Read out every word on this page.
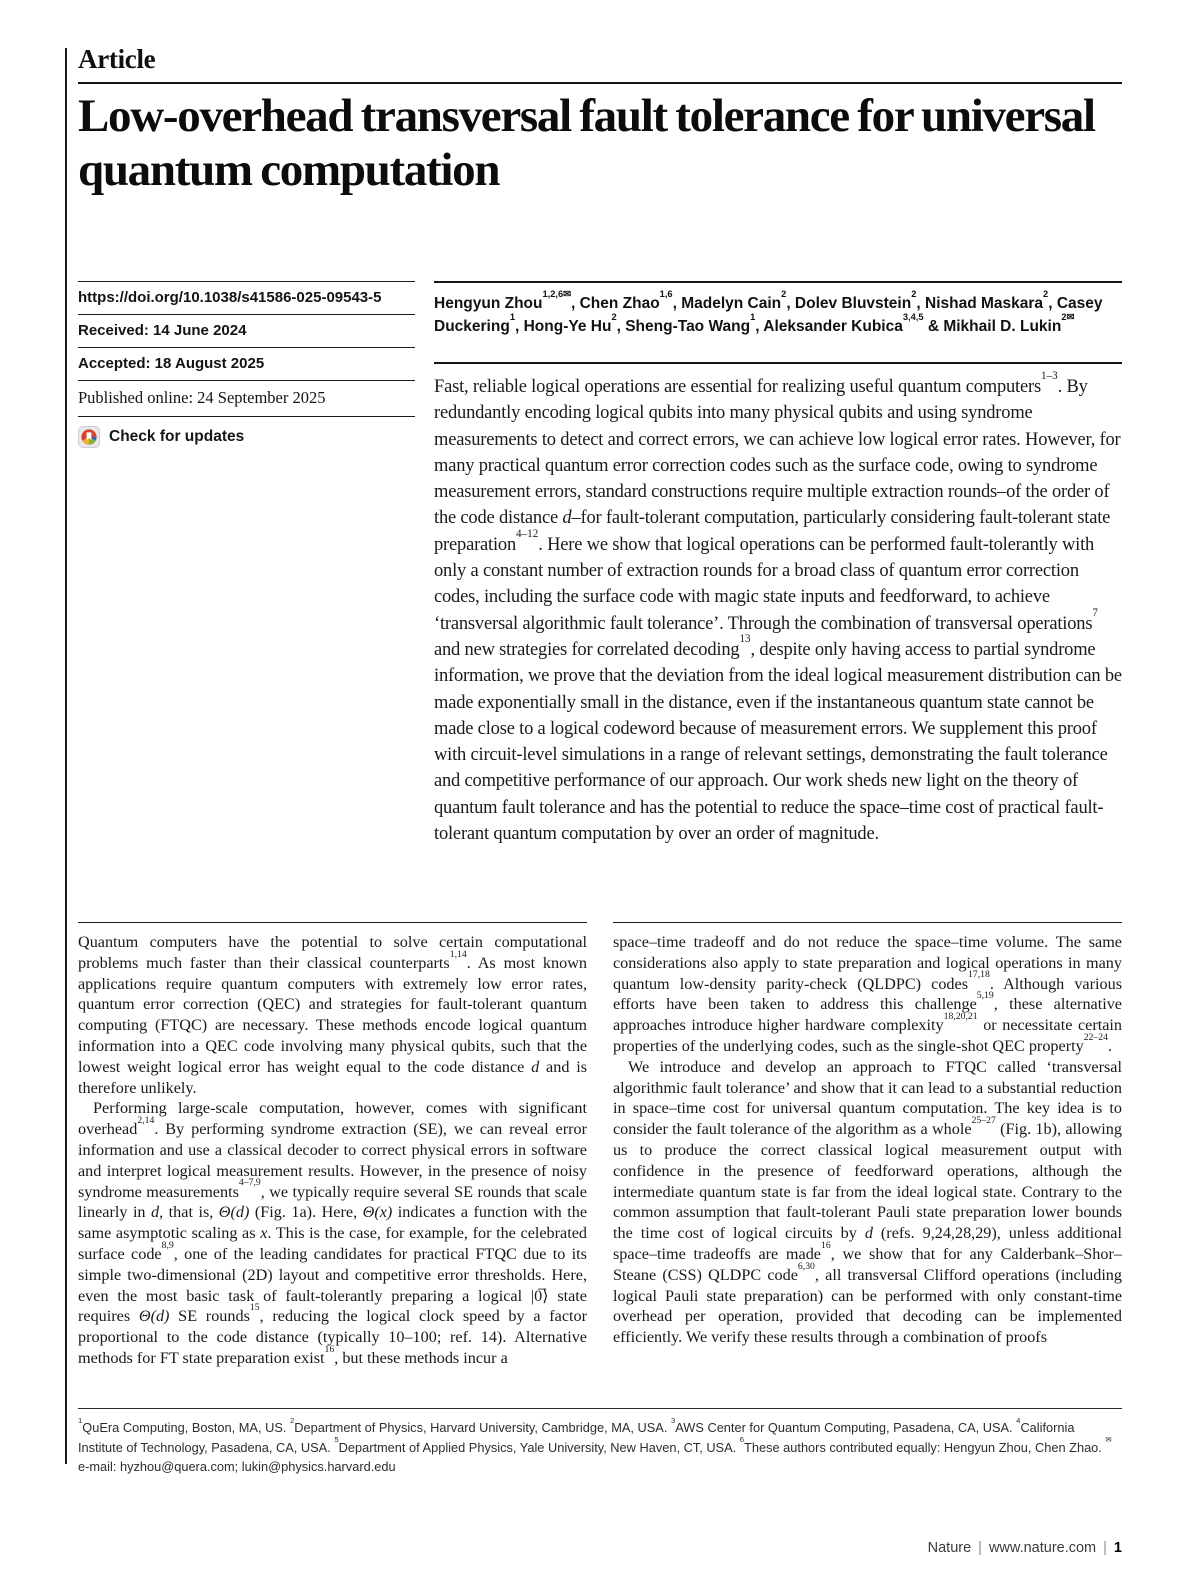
Article
Low-overhead transversal fault tolerance for universal quantum computation
https://doi.org/10.1038/s41586-025-09543-5
Received: 14 June 2024
Accepted: 18 August 2025
Published online: 24 September 2025
Check for updates
Hengyun Zhou$^{1,2,6✉}$, Chen Zhao$^{1,6}$, Madelyn Cain$^2$, Dolev Bluvstein$^2$, Nishad Maskara$^2$, Casey Duckering$^1$, Hong-Ye Hu$^2$, Sheng-Tao Wang$^1$, Aleksander Kubica$^{3,4,5}$ & Mikhail D. Lukin$^{2✉}$
Fast, reliable logical operations are essential for realizing useful quantum computers$^{1-3}$. By redundantly encoding logical qubits into many physical qubits and using syndrome measurements to detect and correct errors, we can achieve low logical error rates. However, for many practical quantum error correction codes such as the surface code, owing to syndrome measurement errors, standard constructions require multiple extraction rounds–of the order of the code distance d–for fault-tolerant computation, particularly considering fault-tolerant state preparation$^{4-12}$. Here we show that logical operations can be performed fault-tolerantly with only a constant number of extraction rounds for a broad class of quantum error correction codes, including the surface code with magic state inputs and feedforward, to achieve ‘transversal algorithmic fault tolerance’. Through the combination of transversal operations$^7$ and new strategies for correlated decoding$^{13}$, despite only having access to partial syndrome information, we prove that the deviation from the ideal logical measurement distribution can be made exponentially small in the distance, even if the instantaneous quantum state cannot be made close to a logical codeword because of measurement errors. We supplement this proof with circuit-level simulations in a range of relevant settings, demonstrating the fault tolerance and competitive performance of our approach. Our work sheds new light on the theory of quantum fault tolerance and has the potential to reduce the space–time cost of practical fault-tolerant quantum computation by over an order of magnitude.

Quantum computers have the potential to solve certain computational problems much faster than their classical counterparts$^{1,14}$. As most known applications require quantum computers with extremely low error rates, quantum error correction (QEC) and strategies for fault-tolerant quantum computing (FTQC) are necessary. These methods encode logical quantum information into a QEC code involving many physical qubits, such that the lowest weight logical error has weight equal to the code distance d and is therefore unlikely.

Performing large-scale computation, however, comes with significant overhead$^{2,14}$. By performing syndrome extraction (SE), we can reveal error information and use a classical decoder to correct physical errors in software and interpret logical measurement results. However, in the presence of noisy syndrome measurements$^{4-7,9}$, we typically require several SE rounds that scale linearly in d, that is, Θ(d) (Fig. 1a). Here, Θ(x) indicates a function with the same asymptotic scaling as x. This is the case, for example, for the celebrated surface code$^{8,9}$, one of the leading candidates for practical FTQC due to its simple two-dimensional (2D) layout and competitive error thresholds. Here, even the most basic task of fault-tolerantly preparing a logical |0̅⟩ state requires Θ(d) SE rounds$^{15}$, reducing the logical clock speed by a factor proportional to the code distance (typically 10–100; ref. 14). Alternative methods for FT state preparation exist$^{16}$, but these methods incur a

space–time tradeoff and do not reduce the space–time volume. The same considerations also apply to state preparation and logical operations in many quantum low-density parity-check (QLDPC) codes$^{17,18}$. Although various efforts have been taken to address this challenge$^{5,19}$, these alternative approaches introduce higher hardware complexity$^{18,20,21}$ or necessitate certain properties of the underlying codes, such as the single-shot QEC property$^{22-24}$.

We introduce and develop an approach to FTQC called ‘transversal algorithmic fault tolerance’ and show that it can lead to a substantial reduction in space–time cost for universal quantum computation. The key idea is to consider the fault tolerance of the algorithm as a whole$^{25-27}$ (Fig. 1b), allowing us to produce the correct classical logical measurement output with confidence in the presence of feedforward operations, although the intermediate quantum state is far from the ideal logical state. Contrary to the common assumption that fault-tolerant Pauli state preparation lower bounds the time cost of logical circuits by d (refs. 9,24,28,29), unless additional space–time tradeoffs are made$^{16}$, we show that for any Calderbank–Shor–Steane (CSS) QLDPC code$^{6,30}$, all transversal Clifford operations (including logical Pauli state preparation) can be performed with only constant-time overhead per operation, provided that decoding can be implemented efficiently. We verify these results through a combination of proofs

$^1$QuEra Computing, Boston, MA, US. $^2$Department of Physics, Harvard University, Cambridge, MA, USA. $^3$AWS Center for Quantum Computing, Pasadena, CA, USA. $^4$California Institute of Technology, Pasadena, CA, USA. $^5$Department of Applied Physics, Yale University, New Haven, CT, USA. $^6$These authors contributed equally: Hengyun Zhou, Chen Zhao. ✉e-mail: hyzhou@quera.com; lukin@physics.harvard.edu
Nature | www.nature.com | 1
